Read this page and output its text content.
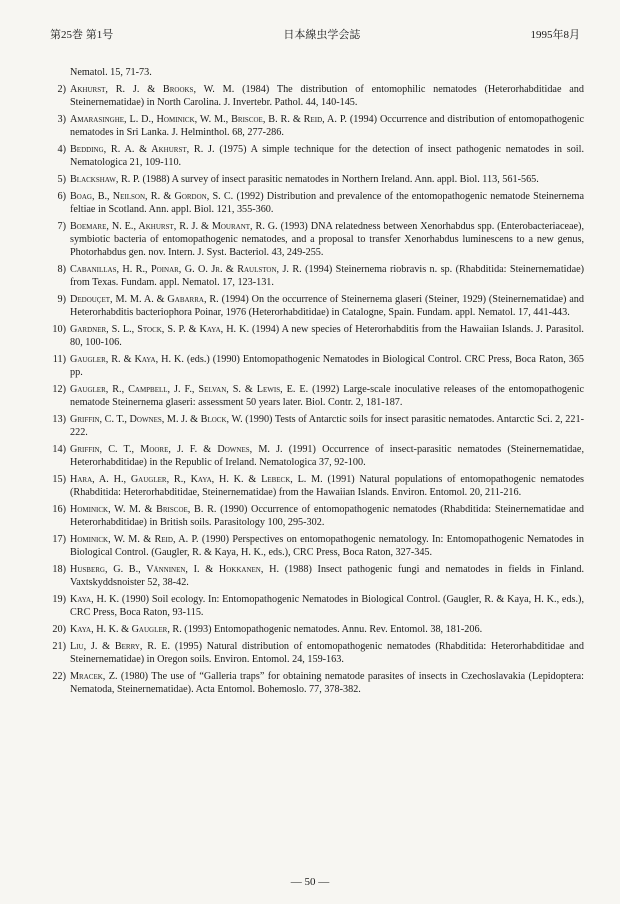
第25巻 第1号	日本線虫学会誌	1995年8月
Nematol. 15, 71-73.
2) Akhurst, R. J. & Brooks, W. M. (1984) The distribution of entomophilic nematodes (Heterorhabditidae and Steinernematidae) in North Carolina. J. Invertebr. Pathol. 44, 140-145.
3) Amarasinghe, L. D., Hominick, W. M., Briscoe, B. R. & Reid, A. P. (1994) Occurrence and distribution of entomopathogenic nematodes in Sri Lanka. J. Helminthol. 68, 277-286.
4) Bedding, R. A. & Akhurst, R. J. (1975) A simple technique for the detection of insect pathogenic nematodes in soil. Nematologica 21, 109-110.
5) Blackshaw, R. P. (1988) A survey of insect parasitic nematodes in Northern Ireland. Ann. appl. Biol. 113, 561-565.
6) Boag, B., Neilson, R. & Gordon, S. C. (1992) Distribution and prevalence of the entomopathogenic nematode Steinernema feltiae in Scotland. Ann. appl. Biol. 121, 355-360.
7) Boemare, N. E., Akhurst, R. J. & Mourant, R. G. (1993) DNA relatedness between Xenorhabdus spp. (Enterobacteriaceae), symbiotic bacteria of entomopathogenic nematodes, and a proposal to transfer Xenorhabdus luminescens to a new genus, Photorhabdus gen. nov. Intern. J. Syst. Bacteriol. 43, 249-255.
8) Cabanillas, H. R., Poinar, G. O. Jr. & Raulston, J. R. (1994) Steinernema riobravis n. sp. (Rhabditida: Steinernematidae) from Texas. Fundam. appl. Nematol. 17, 123-131.
9) Dedouçet, M. M. A. & Gabarra, R. (1994) On the occurrence of Steinernema glaseri (Steiner, 1929) (Steinernematidae) and Heterorhabditis bacteriophora Poinar, 1976 (Heterorhabditidae) in Catalogne, Spain. Fundam. appl. Nematol. 17, 441-443.
10) Gardner, S. L., Stock, S. P. & Kaya, H. K. (1994) A new species of Heterorhabditis from the Hawaiian Islands. J. Parasitol. 80, 100-106.
11) Gaugler, R. & Kaya, H. K. (eds.) (1990) Entomopathogenic Nematodes in Biological Control. CRC Press, Boca Raton, 365 pp.
12) Gaugler, R., Campbell, J. F., Selvan, S. & Lewis, E. E. (1992) Large-scale inoculative releases of the entomopathogenic nematode Steinernema glaseri: assessment 50 years later. Biol. Contr. 2, 181-187.
13) Griffin, C. T., Downes, M. J. & Block, W. (1990) Tests of Antarctic soils for insect parasitic nematodes. Antarctic Sci. 2, 221-222.
14) Griffin, C. T., Moore, J. F. & Downes, M. J. (1991) Occurrence of insect-parasitic nematodes (Steinernematidae, Heterorhabditidae) in the Republic of Ireland. Nematologica 37, 92-100.
15) Hara, A. H., Gaugler, R., Kaya, H. K. & Lebeck, L. M. (1991) Natural populations of entomopathogenic nematodes (Rhabditida: Heterorhabditidae, Steinernematidae) from the Hawaiian Islands. Environ. Entomol. 20, 211-216.
16) Hominick, W. M. & Briscoe, B. R. (1990) Occurrence of entomopathogenic nematodes (Rhabditida: Steinernematidae and Heterorhabditidae) in British soils. Parasitology 100, 295-302.
17) Hominick, W. M. & Reid, A. P. (1990) Perspectives on entomopathogenic nematology. In: Entomopathogenic Nematodes in Biological Control. (Gaugler, R. & Kaya, H. K., eds.), CRC Press, Boca Raton, 327-345.
18) Husberg, G. B., Vänninen, I. & Hokkanen, H. (1988) Insect pathogenic fungi and nematodes in fields in Finland. Vaxtskyddsnoister 52, 38-42.
19) Kaya, H. K. (1990) Soil ecology. In: Entomopathogenic Nematodes in Biological Control. (Gaugler, R. & Kaya, H. K., eds.), CRC Press, Boca Raton, 93-115.
20) Kaya, H. K. & Gaugler, R. (1993) Entomopathogenic nematodes. Annu. Rev. Entomol. 38, 181-206.
21) Liu, J. & Berry, R. E. (1995) Natural distribution of entomopathogenic nematodes (Rhabditida: Heterorhabditidae and Steinernematidae) in Oregon soils. Environ. Entomol. 24, 159-163.
22) Mracek, Z. (1980) The use of “Galleria traps” for obtaining nematode parasites of insects in Czechoslavakia (Lepidoptera: Nematoda, Steinernematidae). Acta Entomol. Bohemoslo. 77, 378-382.
— 50 —
